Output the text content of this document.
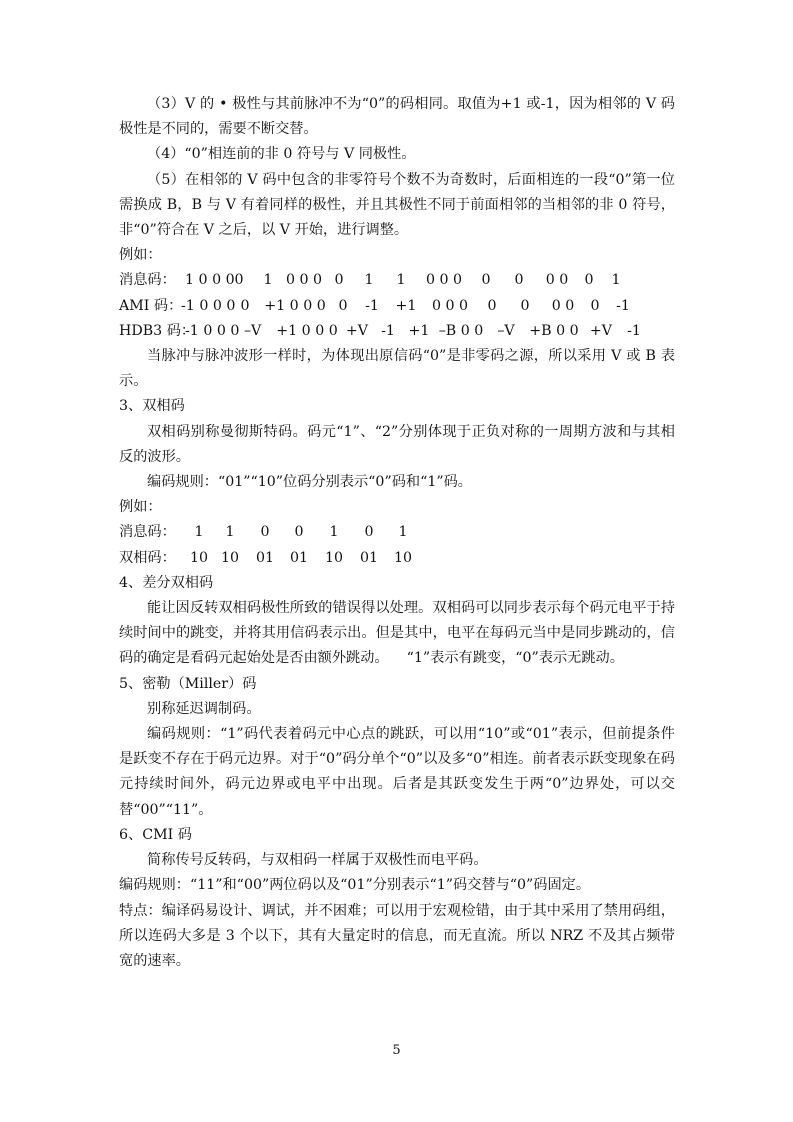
（3）V 的 • 极性与其前脉冲不为“0”的码相同。取值为+1 或-1，因为相邻的 V 码极性是不同的，需要不断交替。

（4）“0”相连前的非 0 符号与 V 同极性。

（5）在相邻的 V 码中包含的非零符号个数不为奇数时，后面相连的一段“0”第一位需换成 B，B 与 V 有着同样的极性，并且其极性不同于前面相邻的当相邻的非 0 符号，非“0”符合在 V 之后，以 V 开始，进行调整。

例如：

消息码： 1 0 0 0 0	1 0 0 0 0	1	1	0 0 0	0	0	0 0	0	1
AMI 码：
-1 0 0 0 0	+1 0 0 0 0	-1	+1	0 0 0	0	0	0 0	0	-1
HDB3 码：
-1 0 0 0 –V	+1 0 0 0 +V -1 +1 –B 0 0 –V	+B 0 0 +V	-1

当脉冲与脉冲波形一样时，为体现出原信码“0”是非零码之源，所以采用 V 或 B 表示。

3、双相码

双相码别称曼彻斯特码。码元“1”、“2”分别体现于正负对称的一周期方波和与其相反的波形。

编码规则：“01”“10”位码分别表示“0”码和“1”码。

例如：

消息码：	1	1	0	0	1	0	1
双相码：	10 10	01	01	10	01	10

4、差分双相码

能让因反转双相码极性所致的错误得以处理。双相码可以同步表示每个码元电平于持续时间中的跳变，并将其用信码表示出。但是其中，电平在每码元当中是同步跳动的，信码的确定是看码元起始处是否由额外跳动。    “1”表示有跳变，“0”表示无跳动。

5、密勒（Miller）码

别称延迟调制码。

编码规则：“1”码代表着码元中心点的跳跃，可以用“10”或“01”表示，但前提条件是跃变不存在于码元边界。对于“0”码分单个“0”以及多“0”相连。前者表示跃变现象在码元持续时间外，码元边界或电平中出现。后者是其跃变发生于两“0”边界处，可以交替“00”“11”。

6、CMI 码

简称传号反转码，与双相码一样属于双极性而电平码。

编码规则：“11”和“00”两位码以及“01”分别表示“1”码交替与“0”码固定。

特点：编译码易设计、调试，并不困难；可以用于宏观检错，由于其中采用了禁用码组，所以连码大多是 3 个以下，其有大量定时的信息，而无直流。所以 NRZ 不及其占频带宽的速率。

5
